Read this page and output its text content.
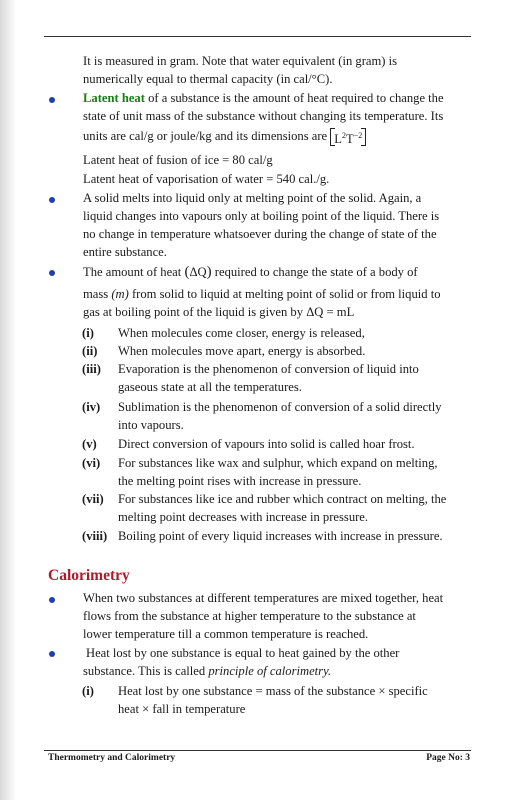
It is measured in gram. Note that water equivalent (in gram) is
numerically equal to thermal capacity (in cal/°C).
Latent heat of a substance is the amount of heat required to change the
state of unit mass of the substance without changing its temperature. Its
units are cal/g or joule/kg and its dimensions are $L^2T^{-2}$
Latent heat of fusion of ice = 80 cal/g
Latent heat of vaporisation of water = 540 cal./g.
A solid melts into liquid only at melting point of the solid. Again, a
liquid changes into vapours only at boiling point of the liquid. There is
no change in temperature whatsoever during the change of state of the
entire substance.
The amount of heat (ΔQ) required to change the state of a body of
mass (m) from solid to liquid at melting point of solid or from liquid to
gas at boiling point of the liquid is given by ΔQ = mL
(i) When molecules come closer, energy is released,
(ii) When molecules move apart, energy is absorbed.
(iii) Evaporation is the phenomenon of conversion of liquid into
gaseous state at all the temperatures.
(iv) Sublimation is the phenomenon of conversion of a solid directly
into vapours.
(v) Direct conversion of vapours into solid is called hoar frost.
(vi) For substances like wax and sulphur, which expand on melting,
the melting point rises with increase in pressure.
(vii) For substances like ice and rubber which contract on melting, the
melting point decreases with increase in pressure.
(viii) Boiling point of every liquid increases with increase in pressure.
Calorimetry
When two substances at different temperatures are mixed together, heat
flows from the substance at higher temperature to the substance at
lower temperature till a common temperature is reached.
Heat lost by one substance is equal to heat gained by the other
substance. This is called principle of calorimetry.
(i) Heat lost by one substance = mass of the substance × specific
heat × fall in temperature
Thermometry and Calorimetry	Page No: 3
